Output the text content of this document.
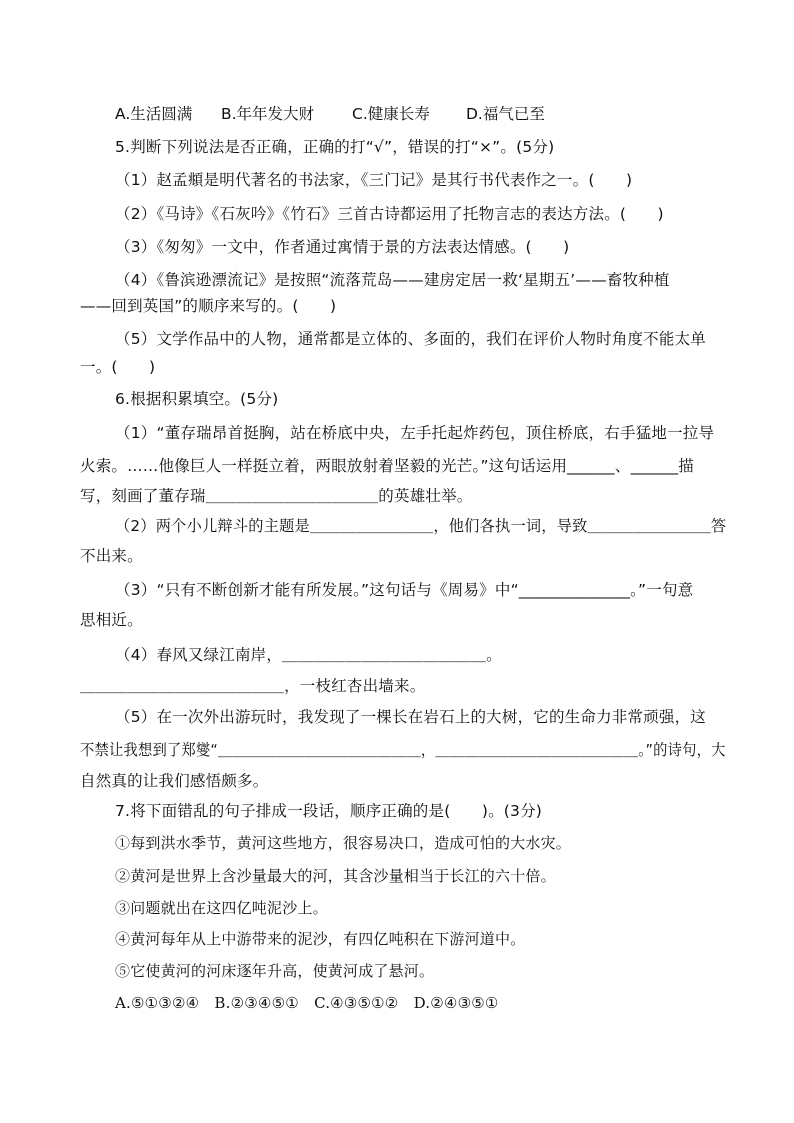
A.生活圆满 B.年年发大财 C.健康长寿 D.福气已至
5.判断下列说法是否正确，正确的打“√”，错误的打“×”。(5分)
（1）赵孟頫是明代著名的书法家，《三门记》是其行书代表作之一。(　　)
（2）《马诗》《石灰吟》《竹石》三首古诗都运用了托物言志的表达方法。(　　)
（3）《匆匆》一文中，作者通过寓情于景的方法表达情感。(　　)
（4）《鲁滨逊漂流记》是按照“流落荒岛——建房定居一救‘星期五’——畜牧种植
——回到英国”的顺序来写的。(　　)
（5）文学作品中的人物，通常都是立体的、多面的，我们在评价人物时角度不能太单
一。(　　)
6.根据积累填空。(5分)
（1）“董存瑞昂首挺胸，站在桥底中央，左手托起炸药包，顶住桥底，右手猛地一拉导
火索。……他像巨人一样挺立着，两眼放射着坚毅的光芒。”这句话运用______、______描
写，刻画了董存瑞＿＿＿＿＿＿＿＿＿＿＿的英雄壮举。
（2）两个小儿辩斗的主题是＿＿＿＿＿＿＿＿，他们各执一词，导致＿＿＿＿＿＿＿＿答
不出来。
（3）“只有不断创新才能有所发展。”这句话与《周易》中“______________。”一句意
思相近。
（4）春风又绿江南岸，＿＿＿＿＿＿＿＿＿＿＿＿＿。
＿＿＿＿＿＿＿＿＿＿＿＿＿，一枝红杏出墙来。
（5）在一次外出游玩时，我发现了一棵长在岩石上的大树，它的生命力非常顽强，这
不禁让我想到了郑燮“＿＿＿＿＿＿＿＿＿＿＿＿＿＿，＿＿＿＿＿＿＿＿＿＿＿＿＿＿。”的诗句，大
自然真的让我们感悟颇多。
7.将下面错乱的句子排成一段话，顺序正确的是(　　)。(3分)
①每到洪水季节，黄河这些地方，很容易决口，造成可怕的大水灾。
②黄河是世界上含沙量最大的河，其含沙量相当于长江的六十倍。
③问题就出在这四亿吨泥沙上。
④黄河每年从上中游带来的泥沙，有四亿吨积在下游河道中。
⑤它使黄河的河床逐年升高，使黄河成了悬河。
A.⑤①③②④　B.②③④⑤①　C.④③⑤①②　D.②④③⑤①
